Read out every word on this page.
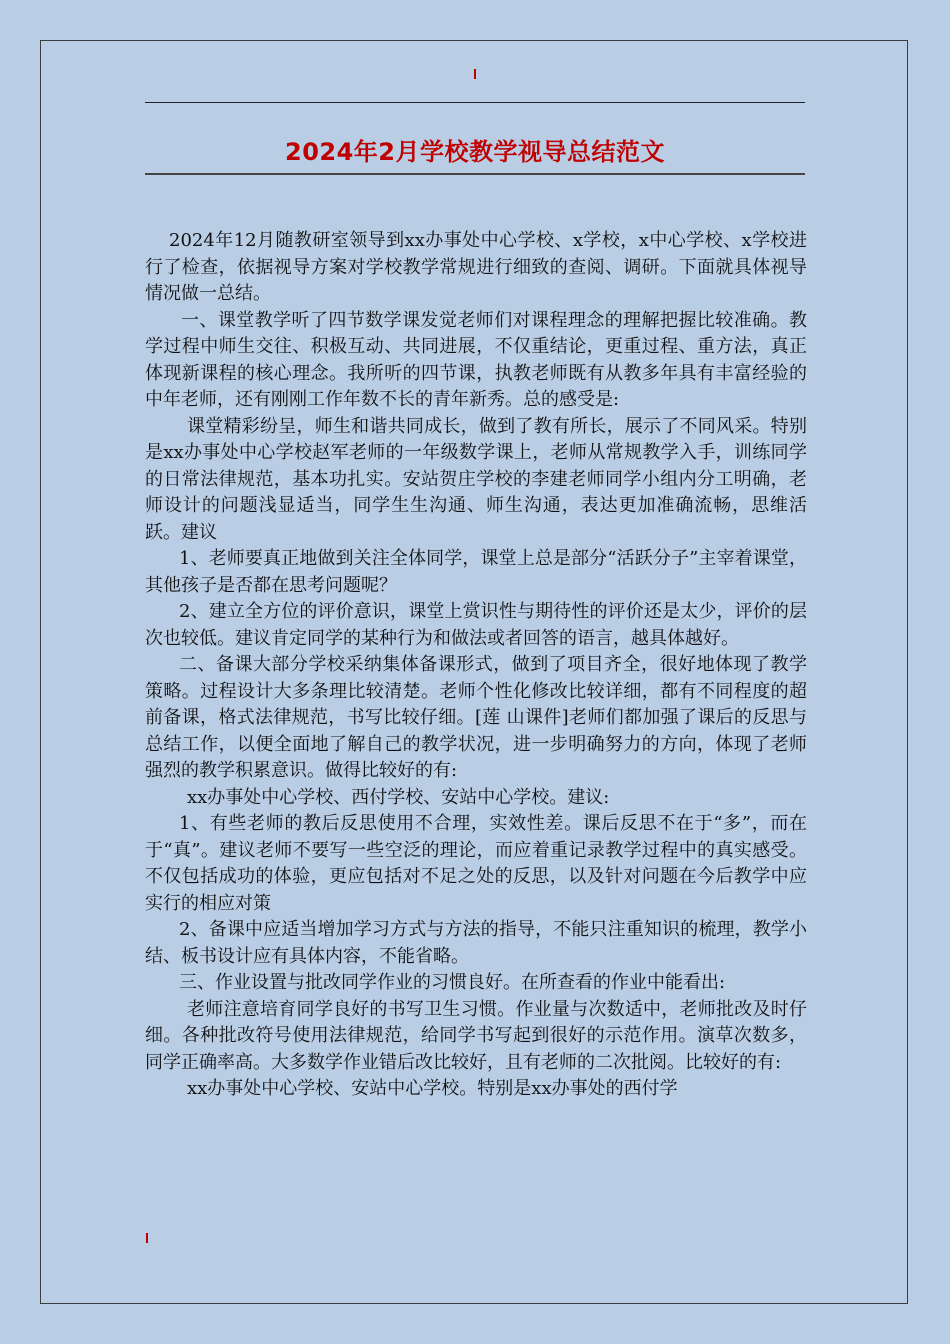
2024年2月学校教学视导总结范文

2024年12月随教研室领导到xx办事处中心学校、x学校，x中心学校、x学校进行了检查，依据视导方案对学校教学常规进行细致的查阅、调研。下面就具体视导情况做一总结。

一、课堂教学听了四节数学课发觉老师们对课程理念的理解把握比较准确。教学过程中师生交往、积极互动、共同进展，不仅重结论，更重过程、重方法，真正体现新课程的核心理念。我所听的四节课，执教老师既有从教多年具有丰富经验的中年老师，还有刚刚工作年数不长的青年新秀。总的感受是:

课堂精彩纷呈，师生和谐共同成长，做到了教有所长，展示了不同风采。特别是xx办事处中心学校赵军老师的一年级数学课上，老师从常规教学入手，训练同学的日常法律规范，基本功扎实。安站贺庄学校的李建老师同学小组内分工明确，老师设计的问题浅显适当，同学生生沟通、师生沟通，表达更加准确流畅，思维活跃。建议

1、老师要真正地做到关注全体同学，课堂上总是部分“活跃分子”主宰着课堂，其他孩子是否都在思考问题呢？

2、建立全方位的评价意识，课堂上赏识性与期待性的评价还是太少，评价的层次也较低。建议肯定同学的某种行为和做法或者回答的语言，越具体越好。

二、备课大部分学校采纳集体备课形式，做到了项目齐全，很好地体现了教学策略。过程设计大多条理比较清楚。老师个性化修改比较详细，都有不同程度的超前备课，格式法律规范，书写比较仔细。[莲 山课件]老师们都加强了课后的反思与总结工作，以便全面地了解自己的教学状况，进一步明确努力的方向，体现了老师强烈的教学积累意识。做得比较好的有:

xx办事处中心学校、西付学校、安站中心学校。建议:

1、有些老师的教后反思使用不合理，实效性差。课后反思不在于“多”，而在于“真”。建议老师不要写一些空泛的理论，而应着重记录教学过程中的真实感受。不仅包括成功的体验，更应包括对不足之处的反思，以及针对问题在今后教学中应实行的相应对策

2、备课中应适当增加学习方式与方法的指导，不能只注重知识的梳理，教学小结、板书设计应有具体内容，不能省略。

三、作业设置与批改同学作业的习惯良好。在所查看的作业中能看出:

老师注意培育同学良好的书写卫生习惯。作业量与次数适中，老师批改及时仔细。各种批改符号使用法律规范，给同学书写起到很好的示范作用。演草次数多，同学正确率高。大多数学作业错后改比较好，且有老师的二次批阅。比较好的有:

xx办事处中心学校、安站中心学校。特别是xx办事处的西付学
